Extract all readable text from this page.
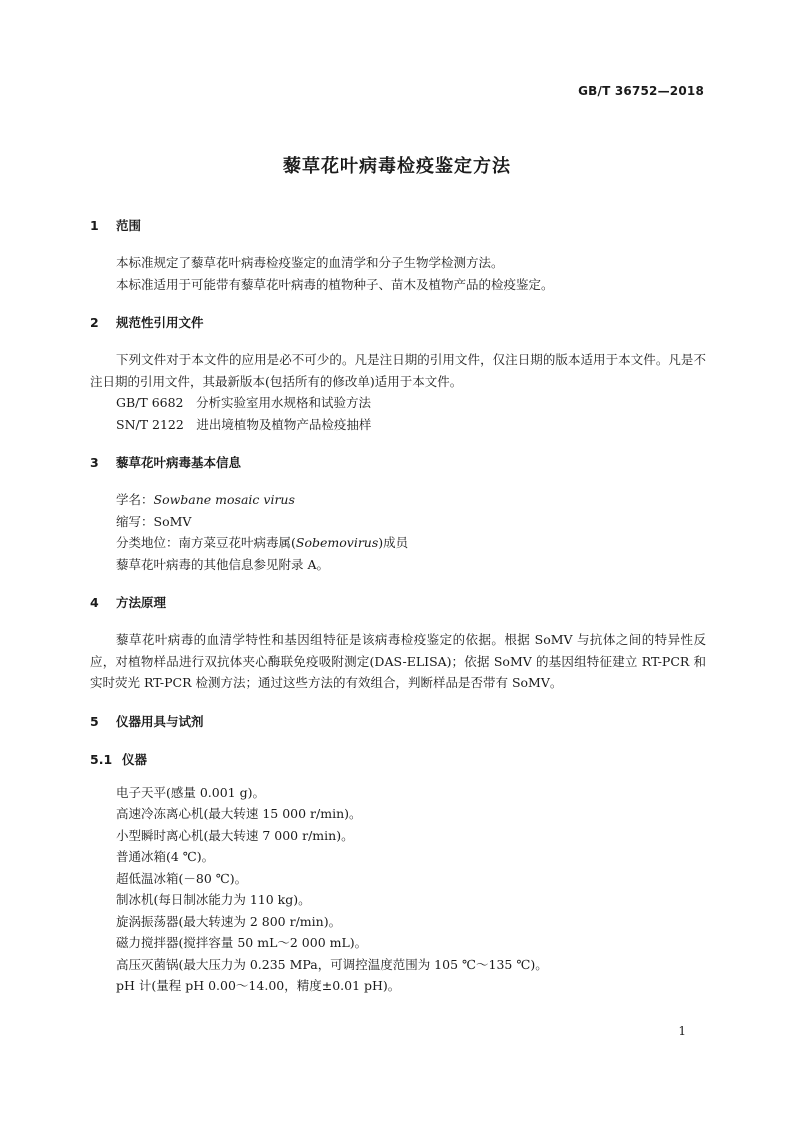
GB/T 36752—2018
藜草花叶病毒检疫鉴定方法
1	范围

本标准规定了藜草花叶病毒检疫鉴定的血清学和分子生物学检测方法。

本标准适用于可能带有藜草花叶病毒的植物种子、苗木及植物产品的检疫鉴定。

2	规范性引用文件

下列文件对于本文件的应用是必不可少的。凡是注日期的引用文件，仅注日期的版本适用于本文件。凡是不注日期的引用文件，其最新版本(包括所有的修改单)适用于本文件。

GB/T 6682　分析实验室用水规格和试验方法

SN/T 2122　进出境植物及植物产品检疫抽样

3	藜草花叶病毒基本信息

学名：Sowbane mosaic virus

缩写：SoMV

分类地位：南方菜豆花叶病毒属(Sobemovirus)成员

藜草花叶病毒的其他信息参见附录 A。

4	方法原理

藜草花叶病毒的血清学特性和基因组特征是该病毒检疫鉴定的依据。根据 SoMV 与抗体之间的特异性反应，对植物样品进行双抗体夹心酶联免疫吸附测定(DAS-ELISA)；依据 SoMV 的基因组特征建立 RT-PCR 和实时荧光 RT-PCR 检测方法；通过这些方法的有效组合，判断样品是否带有 SoMV。

5	仪器用具与试剂
5.1 仪器

电子天平(感量 0.001 g)。

高速冷冻离心机(最大转速 15 000 r/min)。

小型瞬时离心机(最大转速 7 000 r/min)。

普通冰箱(4 ℃)。

超低温冰箱(－80 ℃)。

制冰机(每日制冰能力为 110 kg)。

旋涡振荡器(最大转速为 2 800 r/min)。

磁力搅拌器(搅拌容量 50 mL～2 000 mL)。

高压灭菌锅(最大压力为 0.235 MPa，可调控温度范围为 105 ℃～135 ℃)。

pH 计(量程 pH 0.00～14.00，精度±0.01 pH)。

1
